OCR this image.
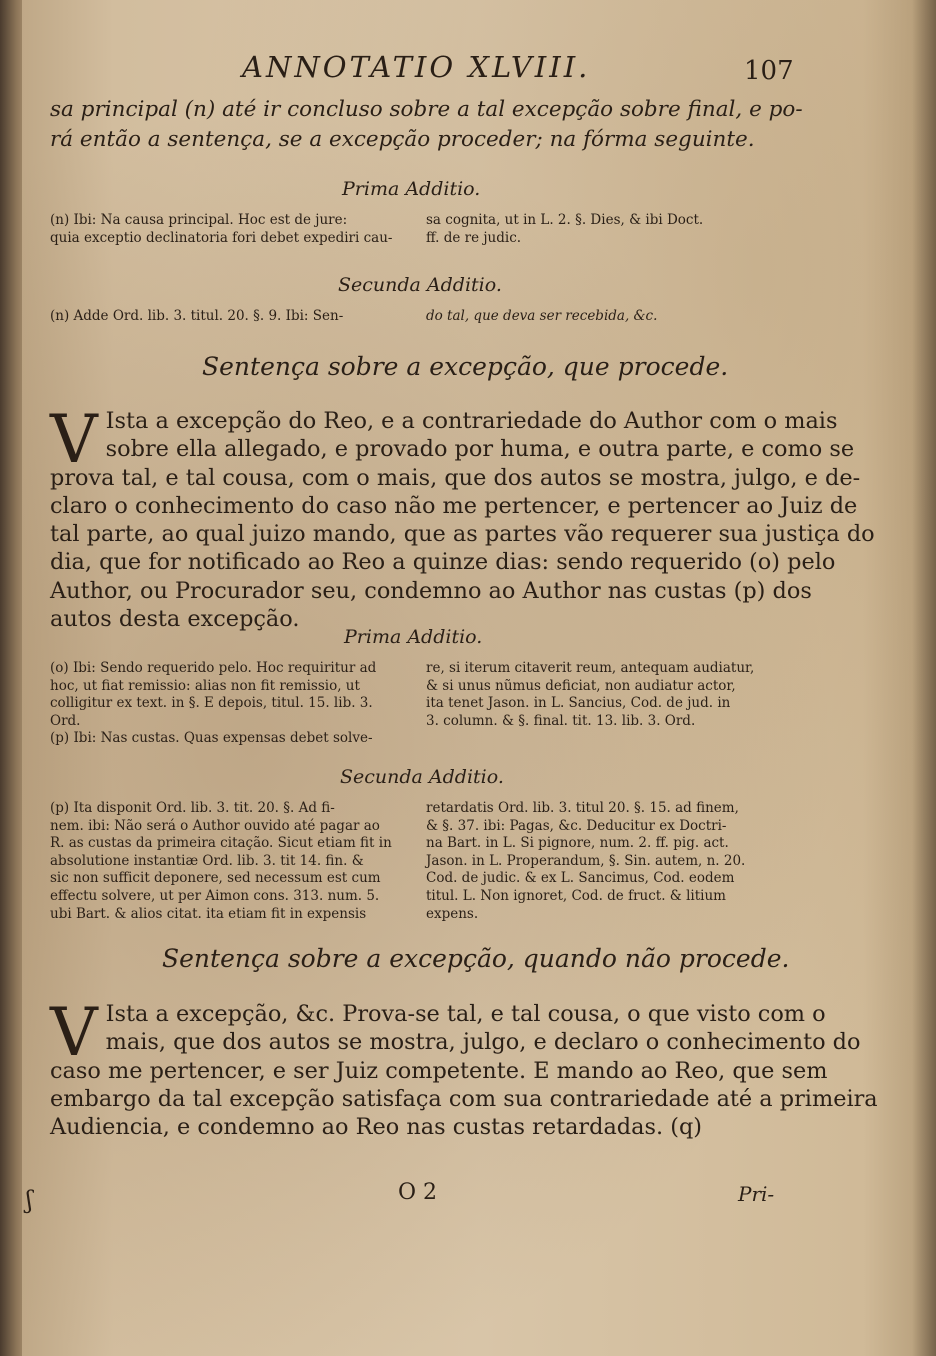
ANNOTATIO XLVIII.	107
sa principal (n) até ir concluso sobre a tal excepção sobre final, e po-
rá então a sentença, se a excepção proceder; na fórma seguinte.
Prima Additio.
(n) Ibi: Na causa principal. Hoc est de jure:
quia exceptio declinatoria fori debet expediri cau-
sa cognita, ut in L. 2. §. Dies, & ibi Doct.
ff. de re judic.
Secunda Additio.
(n) Adde Ord. lib. 3. titul. 20. §. 9. Ibi: Sen-	do tal, que deva ser recebida, &c.
Sentença sobre a excepção, que procede.
V Ista a excepção do Reo, e a contrariedade do Author com o mais
sobre ella allegado, e provado por huma, e outra parte, e como se
prova tal, e tal cousa, com o mais, que dos autos se mostra, julgo, e de-
claro o conhecimento do caso não me pertencer, e pertencer ao Juiz de
tal parte, ao qual juizo mando, que as partes vão requerer sua justiça do
dia, que for notificado ao Reo a quinze dias: sendo requerido (o) pelo
Author, ou Procurador seu, condemno ao Author nas custas (p) dos
autos desta excepção.
Prima Additio.
(o) Ibi: Sendo requerido pelo. Hoc requiritur ad
hoc, ut fiat remissio: alias non fit remissio, ut
colligitur ex text. in §. E depois, titul. 15. lib. 3.
Ord.
(p) Ibi: Nas custas. Quas expensas debet solve-
re, si iterum citaverit reum, antequam audiatur,
& si unus nũmus deficiat, non audiatur actor,
ita tenet Jason. in L. Sancius, Cod. de jud. in
3. column. & §. final. tit. 13. lib. 3. Ord.
Secunda Additio.
(p) Ita disponit Ord. lib. 3. tit. 20. §. Ad fi-
nem. ibi: Não será o Author ouvido até pagar ao
R. as custas da primeira citação. Sicut etiam fit in
absolutione instantiæ Ord. lib. 3. tit 14. fin. &
sic non sufficit deponere, sed necessum est cum
effectu solvere, ut per Aimon cons. 313. num. 5.
ubi Bart. & alios citat. ita etiam fit in expensis
retardatis Ord. lib. 3. titul 20. §. 15. ad finem,
& §. 37. ibi: Pagas, &c. Deducitur ex Doctri-
na Bart. in L. Si pignore, num. 2. ff. pig. act.
Jason. in L. Properandum, §. Sin. autem, n. 20.
Cod. de judic. & ex L. Sancimus, Cod. eodem
titul. L. Non ignoret, Cod. de fruct. & litium
expens.
Sentença sobre a excepção, quando não procede.
V Ista a excepção, &c. Prova-se tal, e tal cousa, o que visto com o
mais, que dos autos se mostra, julgo, e declaro o conhecimento do
caso me pertencer, e ser Juiz competente. E mando ao Reo, que sem
embargo da tal excepção satisfaça com sua contrariedade até a primeira
Audiencia, e condemno ao Reo nas custas retardadas. (q)
O 2	Pri-
ʃ
